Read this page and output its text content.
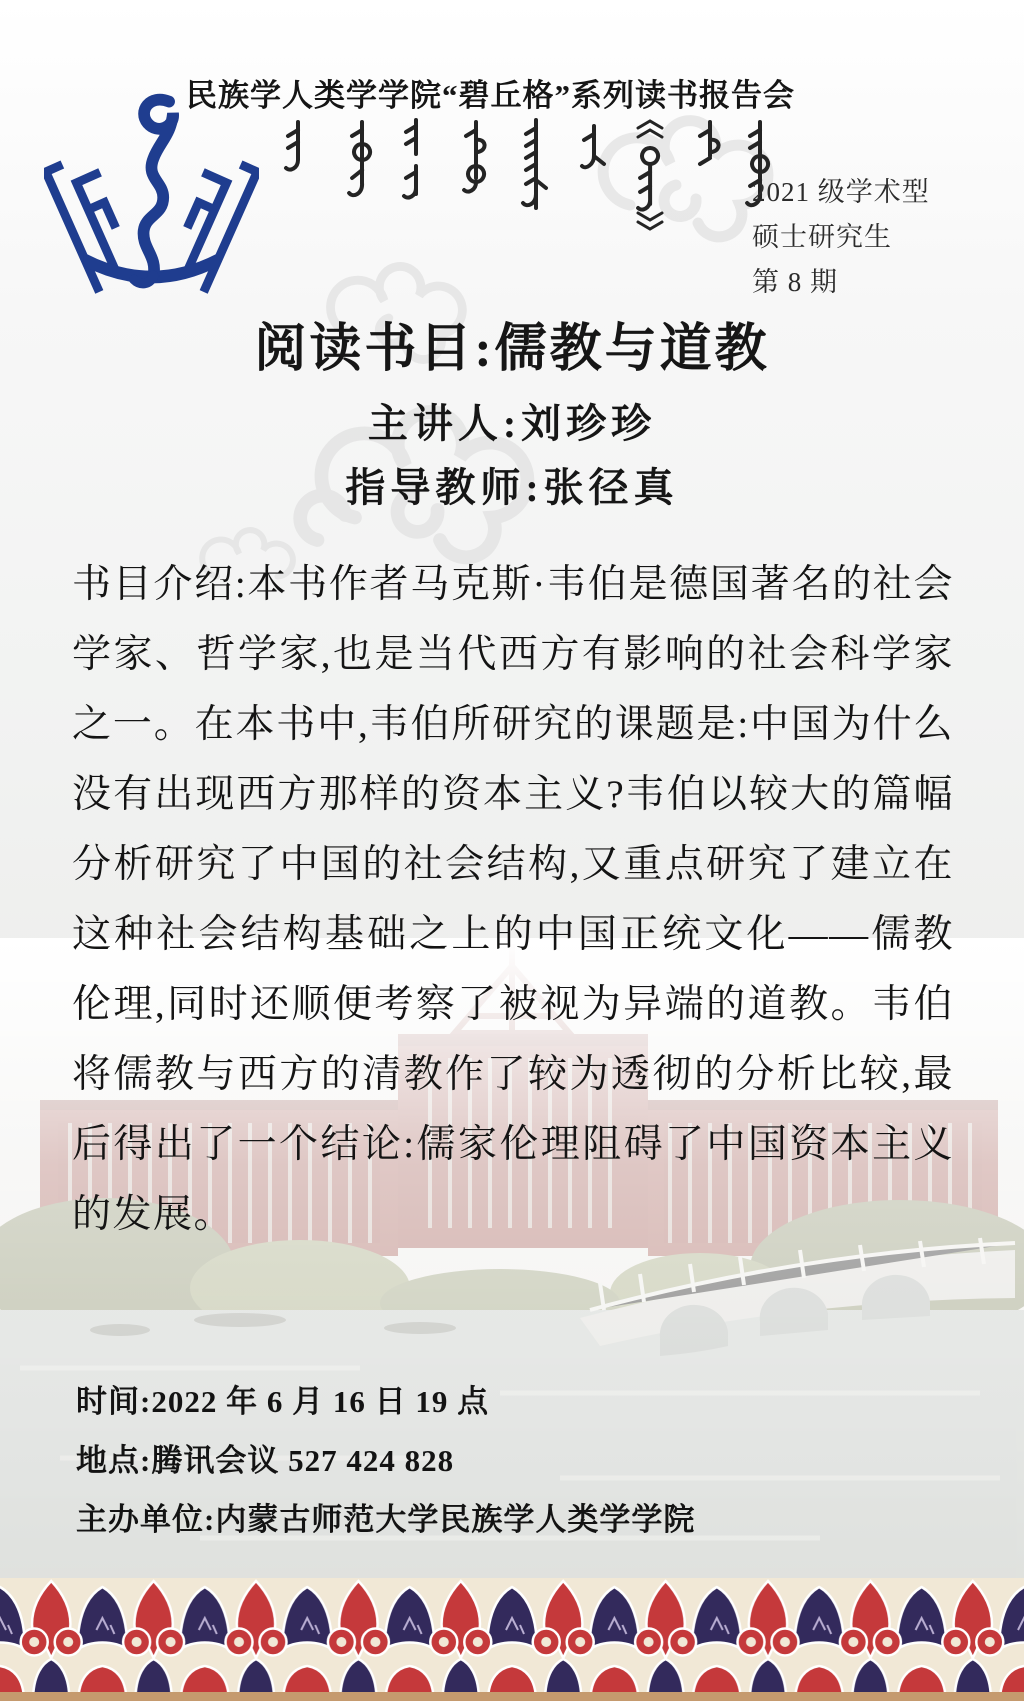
民族学人类学学院“碧丘格”系列读书报告会
2021 级学术型
硕士研究生
第 8 期
阅读书目:儒教与道教
主讲人:刘珍珍
指导教师:张径真
书目介绍:本书作者马克斯·韦伯是德国著名的社会学家、哲学家,也是当代西方有影响的社会科学家之一。在本书中,韦伯所研究的课题是:中国为什么没有出现西方那样的资本主义?韦伯以较大的篇幅分析研究了中国的社会结构,又重点研究了建立在这种社会结构基础之上的中国正统文化——儒教伦理,同时还顺便考察了被视为异端的道教。韦伯将儒教与西方的清教作了较为透彻的分析比较,最后得出了一个结论:儒家伦理阻碍了中国资本主义的发展。
时间:2022 年 6 月 16 日 19 点
地点:腾讯会议 527 424 828
主办单位:内蒙古师范大学民族学人类学学院
